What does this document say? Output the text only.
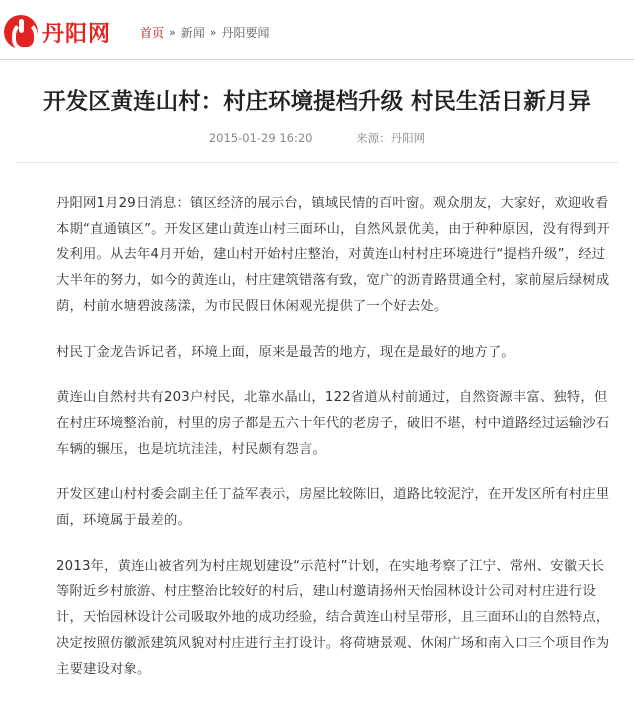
丹阳网 首页 » 新闻 » 丹阳要闻
开发区黄连山村：村庄环境提档升级 村民生活日新月异
2015-01-29 16:20	来源：丹阳网

丹阳网1月29日消息：镇区经济的展示台，镇域民情的百叶窗。观众朋友，大家好，欢迎收看本期“直通镇区”。开发区建山黄连山村三面环山，自然风景优美，由于种种原因，没有得到开发利用。从去年4月开始，建山村开始村庄整治，对黄连山村村庄环境进行“提档升级”，经过大半年的努力，如今的黄连山，村庄建筑错落有致，宽广的沥青路贯通全村，家前屋后绿树成荫，村前水塘碧波荡漾，为市民假日休闲观光提供了一个好去处。

村民丁金龙告诉记者，环境上面，原来是最苦的地方，现在是最好的地方了。

黄连山自然村共有203户村民，北靠水晶山，122省道从村前通过，自然资源丰富、独特，但在村庄环境整治前，村里的房子都是五六十年代的老房子，破旧不堪，村中道路经过运输沙石车辆的辗压，也是坑坑洼洼，村民颇有怨言。

开发区建山村村委会副主任丁益军表示，房屋比较陈旧，道路比较泥泞，在开发区所有村庄里面，环境属于最差的。

2013年，黄连山被省列为村庄规划建设“示范村”计划，在实地考察了江宁、常州、安徽天长等附近乡村旅游、村庄整治比较好的村后，建山村邀请扬州天怡园林设计公司对村庄进行设计，天怡园林设计公司吸取外地的成功经验，结合黄连山村呈带形，且三面环山的自然特点，决定按照仿徽派建筑风貌对村庄进行主打设计。将荷塘景观、休闲广场和南入口三个项目作为主要建设对象。
